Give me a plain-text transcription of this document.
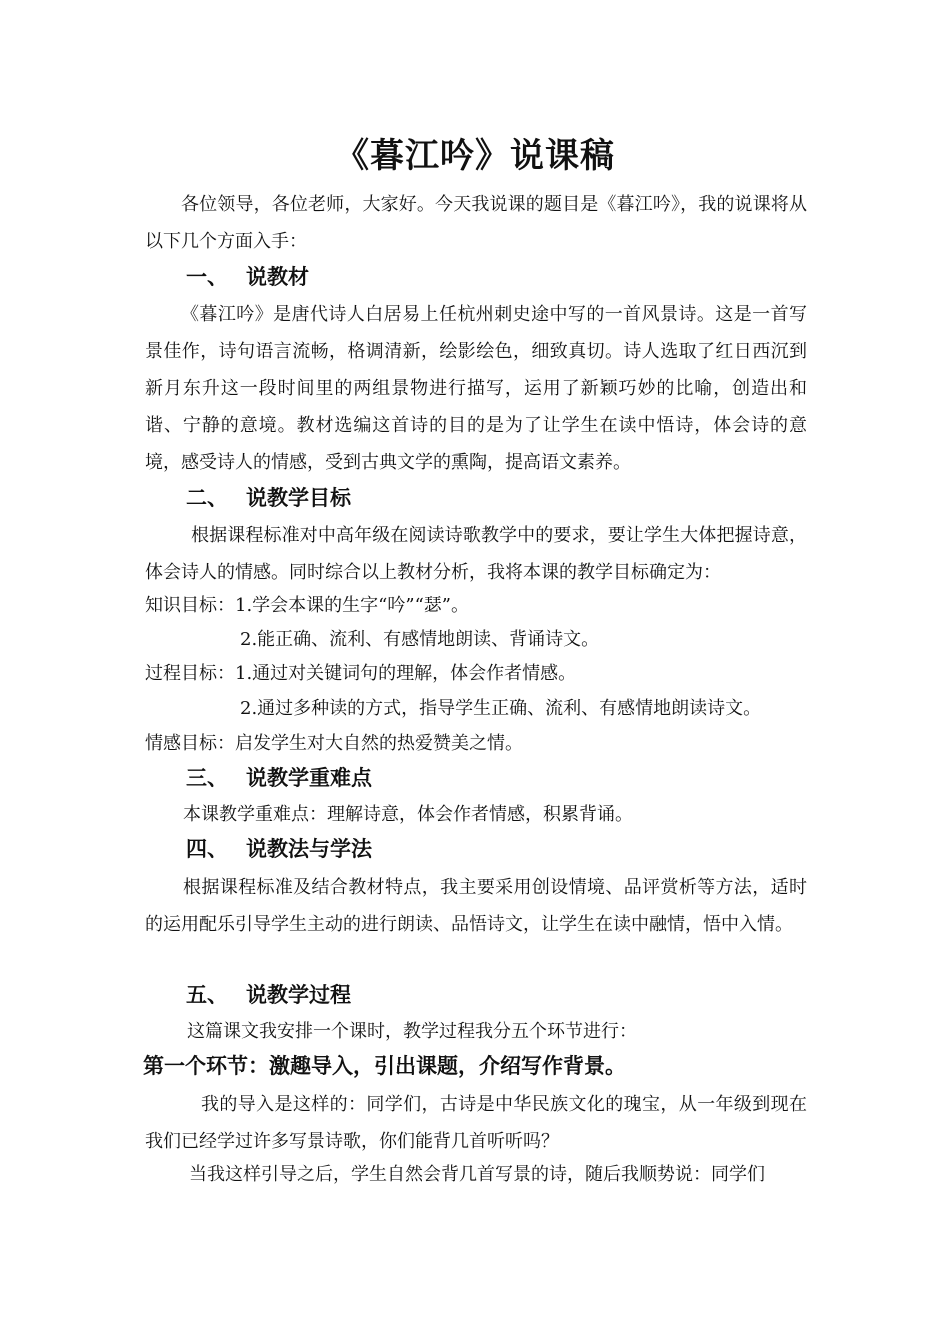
《暮江吟》说课稿
各位领导，各位老师，大家好。今天我说课的题目是《暮江吟》，我的说课将从以下几个方面入手：
一、 说教材
《暮江吟》是唐代诗人白居易上任杭州刺史途中写的一首风景诗。这是一首写景佳作，诗句语言流畅，格调清新，绘影绘色，细致真切。诗人选取了红日西沉到新月东升这一段时间里的两组景物进行描写，运用了新颖巧妙的比喻，创造出和谐、宁静的意境。教材选编这首诗的目的是为了让学生在读中悟诗，体会诗的意境，感受诗人的情感，受到古典文学的熏陶，提高语文素养。
二、 说教学目标
根据课程标准对中高年级在阅读诗歌教学中的要求，要让学生大体把握诗意，体会诗人的情感。同时综合以上教材分析，我将本课的教学目标确定为：
知识目标：1.学会本课的生字“吟”“瑟”。
2.能正确、流利、有感情地朗读、背诵诗文。
过程目标：1.通过对关键词句的理解，体会作者情感。
2.通过多种读的方式，指导学生正确、流利、有感情地朗读诗文。
情感目标：启发学生对大自然的热爱赞美之情。
三、 说教学重难点
本课教学重难点：理解诗意，体会作者情感，积累背诵。
四、 说教法与学法
根据课程标准及结合教材特点，我主要采用创设情境、品评赏析等方法，适时的运用配乐引导学生主动的进行朗读、品悟诗文，让学生在读中融情，悟中入情。
五、 说教学过程
这篇课文我安排一个课时，教学过程我分五个环节进行：
第一个环节：激趣导入，引出课题，介绍写作背景。
我的导入是这样的：同学们，古诗是中华民族文化的瑰宝，从一年级到现在我们已经学过许多写景诗歌，你们能背几首听听吗？
当我这样引导之后，学生自然会背几首写景的诗，随后我顺势说：同学们
